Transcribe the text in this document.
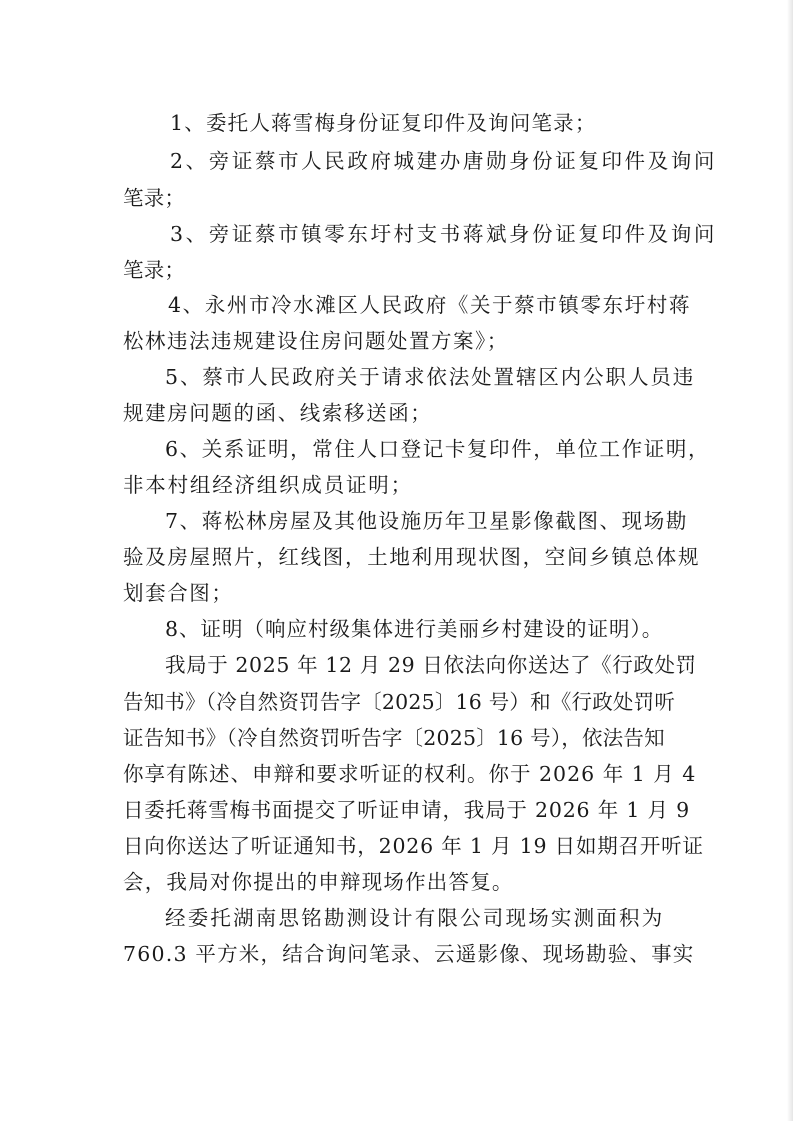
1、委托人蒋雪梅身份证复印件及询问笔录；
2、旁证蔡市人民政府城建办唐勋身份证复印件及询问
笔录；
3、旁证蔡市镇零东圩村支书蒋斌身份证复印件及询问
笔录；
4、永州市冷水滩区人民政府《关于蔡市镇零东圩村蒋
松林违法违规建设住房问题处置方案》；
5、蔡市人民政府关于请求依法处置辖区内公职人员违
规建房问题的函、线索移送函；
6、关系证明，常住人口登记卡复印件，单位工作证明，
非本村组经济组织成员证明；
7、蒋松林房屋及其他设施历年卫星影像截图、现场勘
验及房屋照片，红线图，土地利用现状图，空间乡镇总体规
划套合图；
8、证明（响应村级集体进行美丽乡村建设的证明）。
我局于 2025 年 12 月 29 日依法向你送达了《行政处罚
告知书》（冷自然资罚告字〔2025〕16 号）和《行政处罚听
证告知书》（冷自然资罚听告字〔2025〕16 号），依法告知
你享有陈述、申辩和要求听证的权利。你于 2026 年 1 月 4
日委托蒋雪梅书面提交了听证申请，我局于 2026 年 1 月 9
日向你送达了听证通知书，2026 年 1 月 19 日如期召开听证
会，我局对你提出的申辩现场作出答复。
经委托湖南思铭勘测设计有限公司现场实测面积为
760.3 平方米，结合询问笔录、云遥影像、现场勘验、事实
